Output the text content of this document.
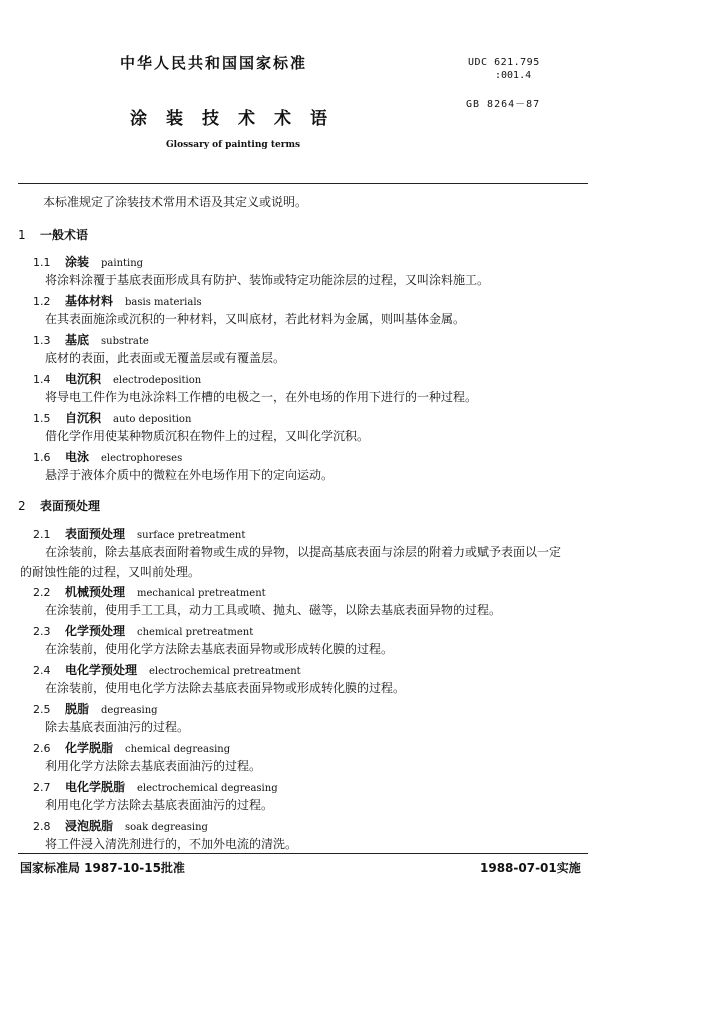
中华人民共和国国家标准	UDC 621.795
:001.4
GB 8264－87
涂装技术术语
Glossary of painting terms
本标准规定了涂装技术常用术语及其定义或说明。
1 一般术语
1.1 涂装 painting
将涂料涂覆于基底表面形成具有防护、装饰或特定功能涂层的过程，又叫涂料施工。
1.2 基体材料 basis materials
在其表面施涂或沉积的一种材料，又叫底材，若此材料为金属，则叫基体金属。
1.3 基底 substrate
底材的表面，此表面或无覆盖层或有覆盖层。
1.4 电沉积 electrodeposition
将导电工件作为电泳涂料工作槽的电极之一，在外电场的作用下进行的一种过程。
1.5 自沉积 auto deposition
借化学作用使某种物质沉积在物件上的过程，又叫化学沉积。
1.6 电泳 electrophoreses
悬浮于液体介质中的微粒在外电场作用下的定向运动。
2 表面预处理
2.1 表面预处理 surface pretreatment
在涂装前，除去基底表面附着物或生成的异物，以提高基底表面与涂层的附着力或赋予表面以一定
的耐蚀性能的过程，又叫前处理。
2.2 机械预处理 mechanical pretreatment
在涂装前，使用手工工具，动力工具或喷、抛丸、磁等，以除去基底表面异物的过程。
2.3 化学预处理 chemical pretreatment
在涂装前，使用化学方法除去基底表面异物或形成转化膜的过程。
2.4 电化学预处理 electrochemical pretreatment
在涂装前，使用电化学方法除去基底表面异物或形成转化膜的过程。
2.5 脱脂 degreasing
除去基底表面油污的过程。
2.6 化学脱脂 chemical degreasing
利用化学方法除去基底表面油污的过程。
2.7 电化学脱脂 electrochemical degreasing
利用电化学方法除去基底表面油污的过程。
2.8 浸泡脱脂 soak degreasing
将工件浸入清洗剂进行的，不加外电流的清洗。
国家标准局 1987-10-15批准	1988-07-01实施
